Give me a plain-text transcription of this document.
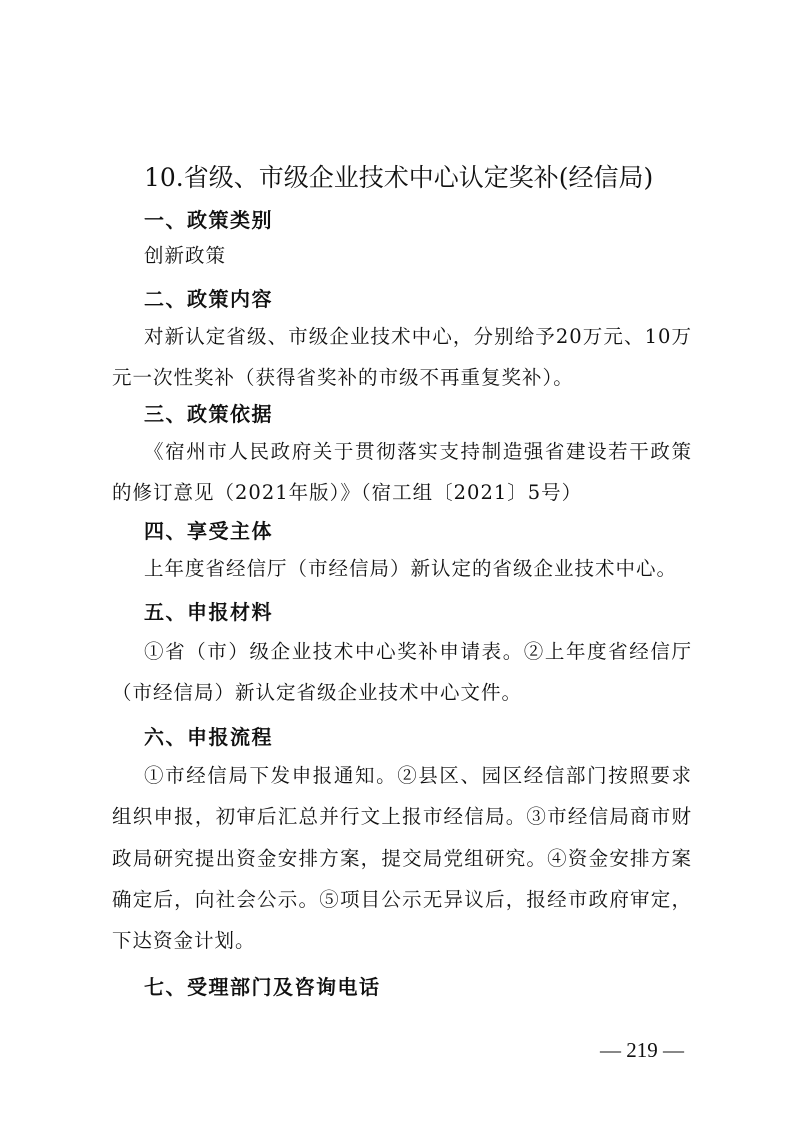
10.省级、市级企业技术中心认定奖补(经信局)
一、政策类别
创新政策
二、政策内容
对新认定省级、市级企业技术中心，分别给予20万元、10万元一次性奖补（获得省奖补的市级不再重复奖补）。
三、政策依据
《宿州市人民政府关于贯彻落实支持制造强省建设若干政策的修订意见（2021年版）》（宿工组〔2021〕5号）
四、享受主体
上年度省经信厅（市经信局）新认定的省级企业技术中心。
五、申报材料
①省（市）级企业技术中心奖补申请表。②上年度省经信厅（市经信局）新认定省级企业技术中心文件。
六、申报流程
①市经信局下发申报通知。②县区、园区经信部门按照要求组织申报，初审后汇总并行文上报市经信局。③市经信局商市财政局研究提出资金安排方案，提交局党组研究。④资金安排方案确定后，向社会公示。⑤项目公示无异议后，报经市政府审定，下达资金计划。
七、受理部门及咨询电话
— 219 —
